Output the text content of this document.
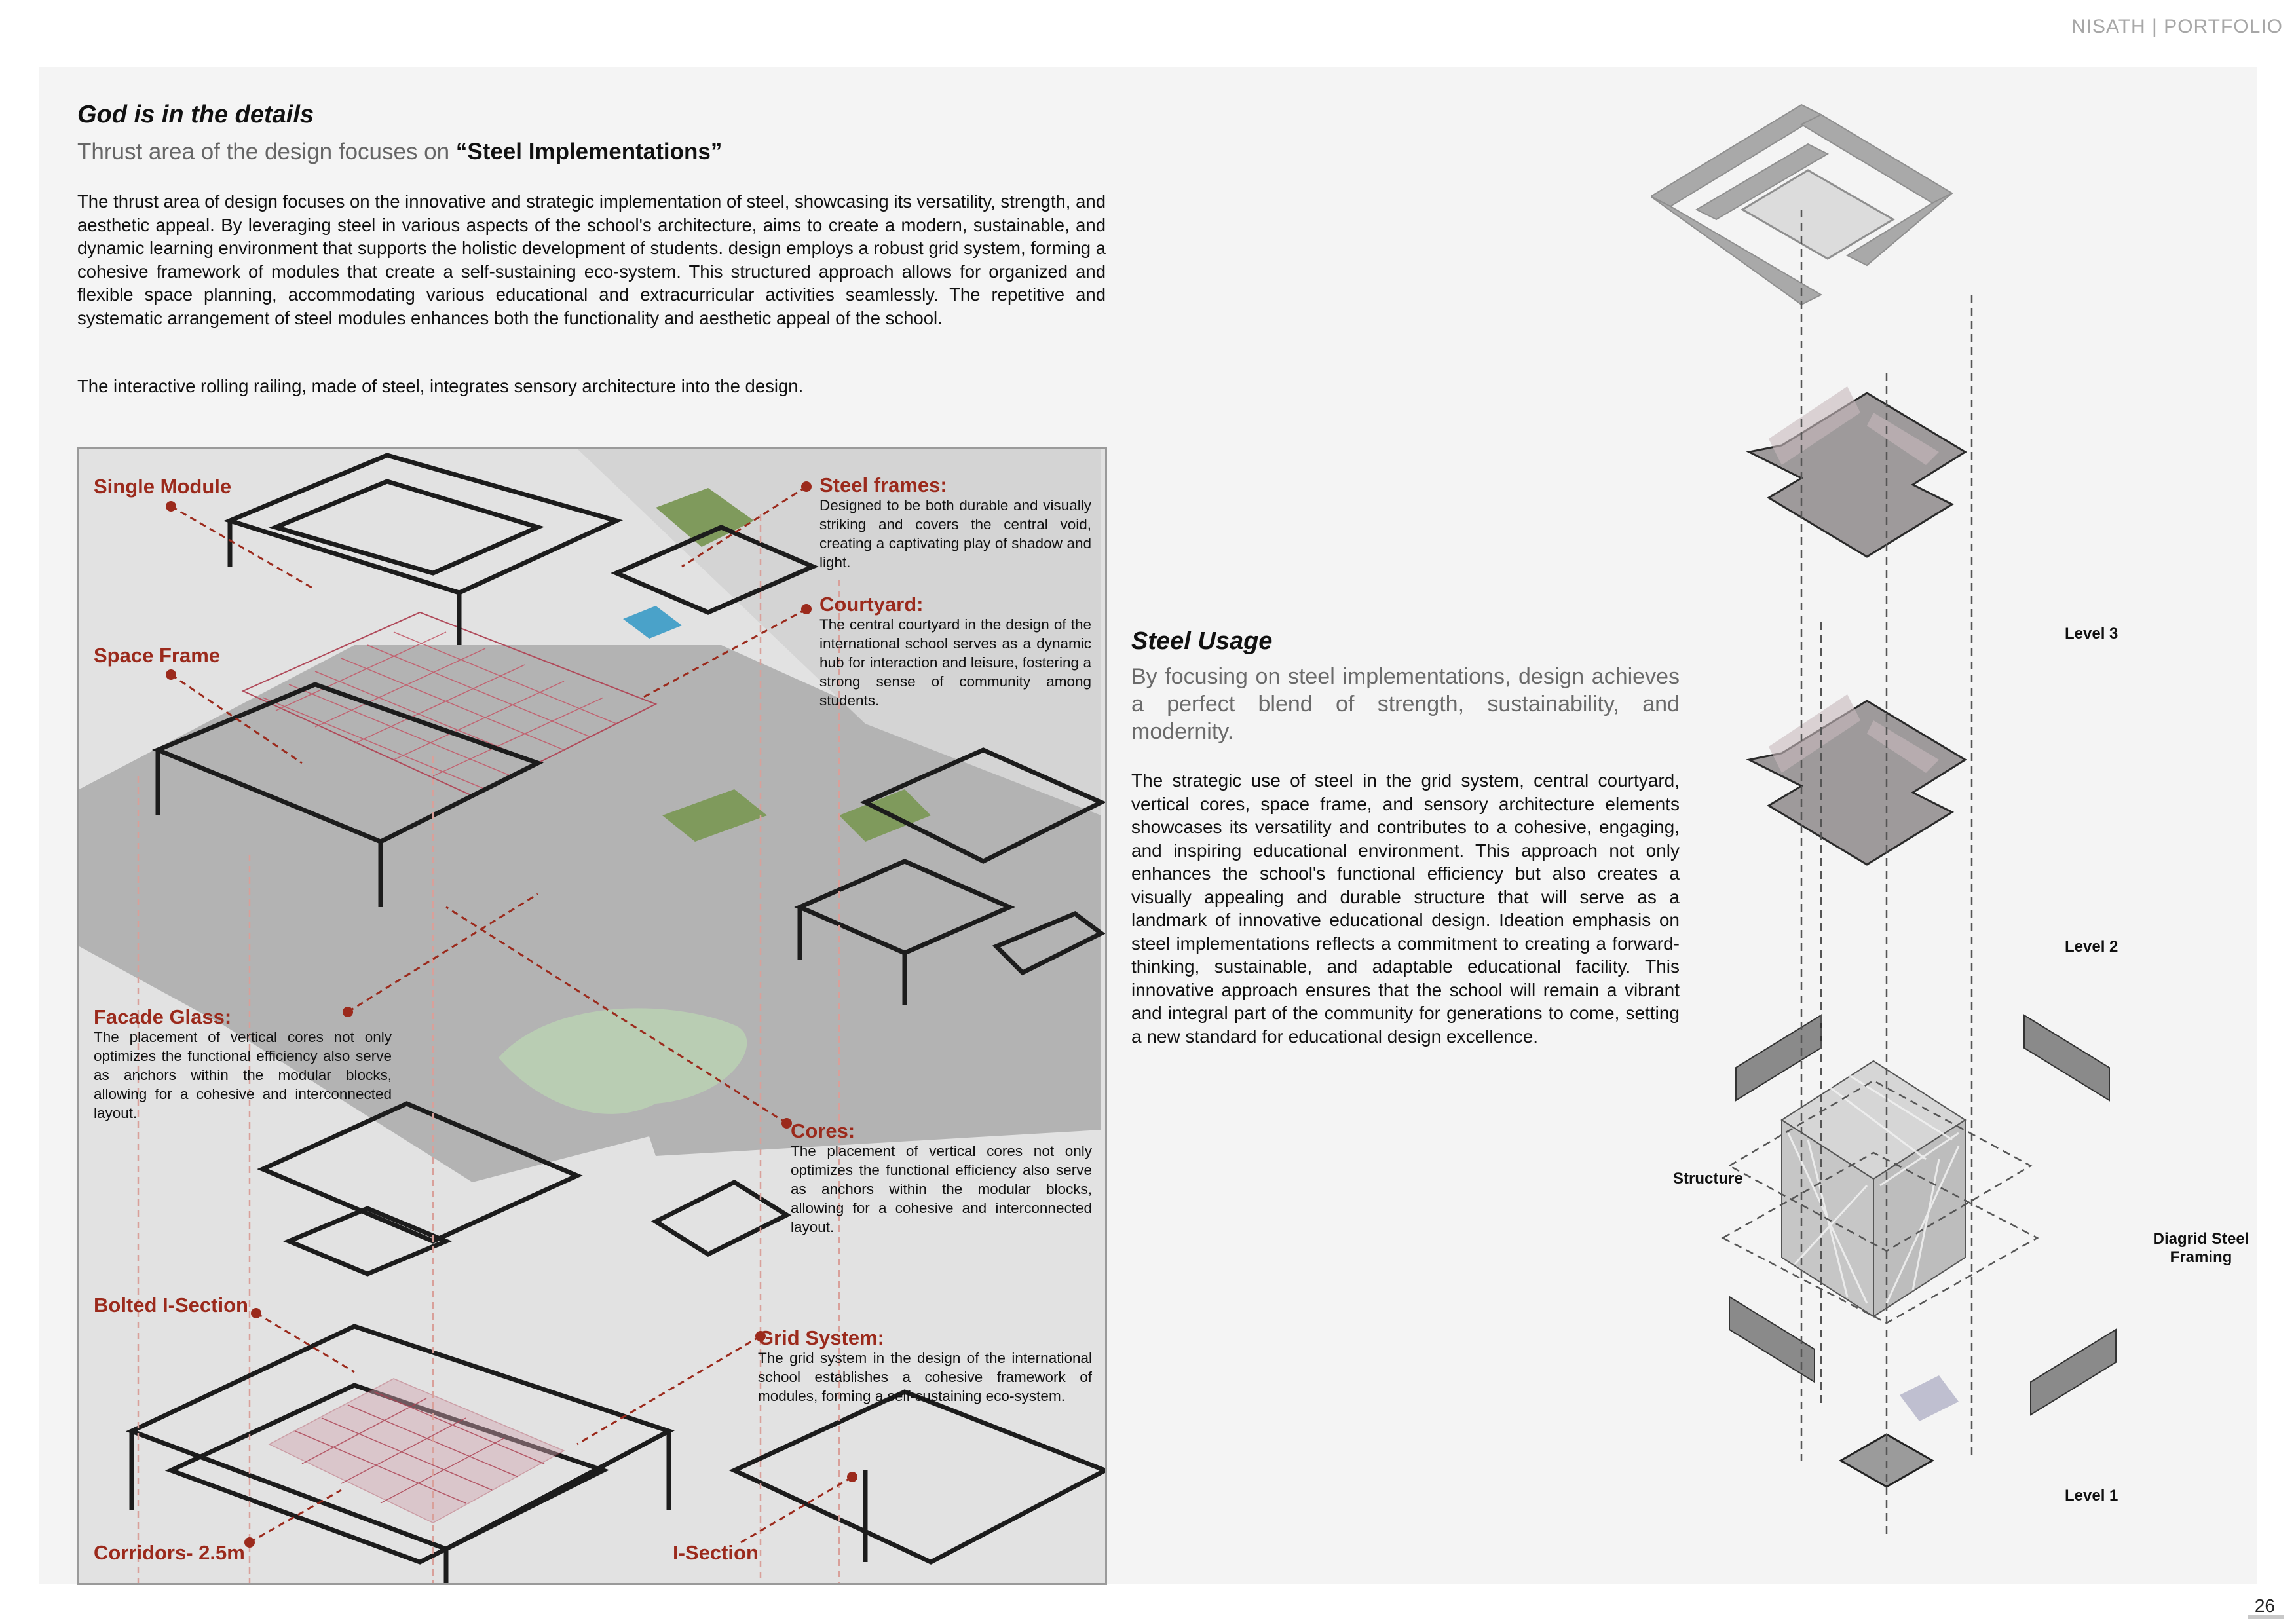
NISATH | PORTFOLIO
God is in the details
Thrust area of the design focuses on “Steel Implementations”
The thrust area of design focuses on the innovative and strategic implementation of steel, showcasing its versatility, strength, and aesthetic appeal. By leveraging steel in various aspects of the school's architecture, aims to create a modern, sustainable, and dynamic learning environment that supports the holistic development of students. design employs a robust grid system, forming a cohesive framework of modules that create a self-sustaining eco-system. This structured approach allows for organized and flexible space planning, accommodating various educational and extracurricular activities seamlessly. The repetitive and systematic arrangement of steel modules enhances both the functionality and aesthetic appeal of the school.
The interactive rolling railing, made of steel, integrates sensory architecture into the design.
Single Module
Space Frame
Steel frames:
Designed to be both durable and visually striking and covers the central void, creating a captivating play of shadow and light.
Courtyard:
The central courtyard in the design of the international school serves as a dynamic hub for interaction and leisure, fostering a strong sense of community among students.
Facade Glass:
The placement of vertical cores not only optimizes the functional efficiency also serve as anchors within the modular blocks, allowing for a cohesive and interconnected layout.
Cores:
The placement of vertical cores not only optimizes the functional efficiency also serve as anchors within the modular blocks, allowing for a cohesive and interconnected layout.
Bolted I-Section
Grid System:
The grid system in the design of the international school establishes a cohesive framework of modules, forming a self-sustaining eco-system.
Corridors- 2.5m	I-Section
Steel Usage
By focusing on steel implementations, design achieves a perfect blend of strength, sustainability, and modernity.
The strategic use of steel in the grid system, central courtyard, vertical cores, space frame, and sensory architecture elements showcases its versatility and contributes to a cohesive, engaging, and inspiring educational environment. This approach not only enhances the school's functional efficiency but also creates a visually appealing and durable structure that will serve as a landmark of innovative educational design. Ideation emphasis on steel implementations reflects a commitment to creating a forward-thinking, sustainable, and adaptable educational facility. This innovative approach ensures that the school will remain a vibrant and integral part of the community for generations to come, setting a new standard for educational design excellence.
Level 3
Level 2
Structure
Diagrid Steel Framing
Level 1
26
